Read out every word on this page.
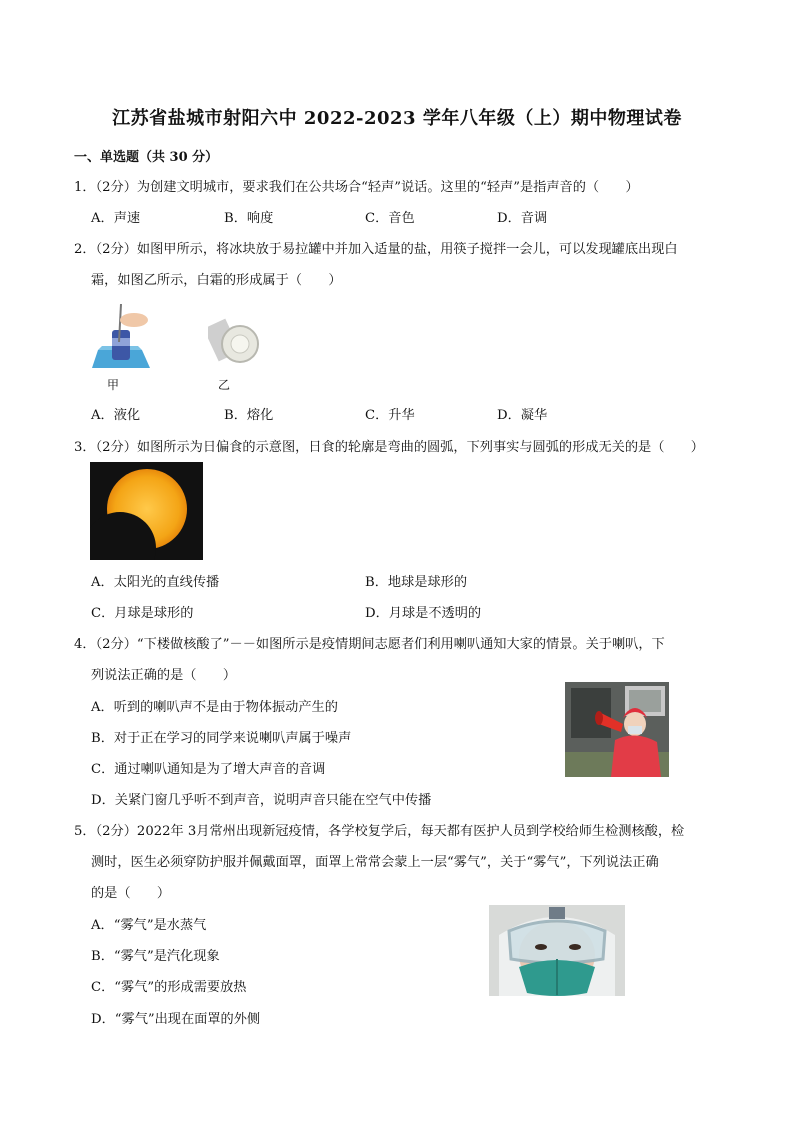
江苏省盐城市射阳六中 2022-2023 学年八年级（上）期中物理试卷
一、单选题（共 30 分）
1．（2分）为创建文明城市，要求我们在公共场合“轻声”说话。这里的“轻声”是指声音的（　　）
A．声速	B．响度	C．音色	D．音调
2．（2分）如图甲所示，将冰块放于易拉罐中并加入适量的盐，用筷子搅拌一会儿，可以发现罐底出现白
霜，如图乙所示，白霜的形成属于（　　）
甲	乙
A．液化	B．熔化	C．升华	D．凝华
3．（2分）如图所示为日偏食的示意图，日食的轮廓是弯曲的圆弧，下列事实与圆弧的形成无关的是（　　）
A．太阳光的直线传播	B．地球是球形的
C．月球是球形的	D．月球是不透明的
4．（2分）“下楼做核酸了”－－如图所示是疫情期间志愿者们利用喇叭通知大家的情景。关于喇叭，下
列说法正确的是（　　）
A．听到的喇叭声不是由于物体振动产生的
B．对于正在学习的同学来说喇叭声属于噪声
C．通过喇叭通知是为了增大声音的音调
D．关紧门窗几乎听不到声音，说明声音只能在空气中传播
5．（2分）2022年 3月常州出现新冠疫情，各学校复学后，每天都有医护人员到学校给师生检测核酸，检
测时，医生必须穿防护服并佩戴面罩，面罩上常常会蒙上一层“雾气”，关于“雾气”，下列说法正确
的是（　　）
A．“雾气”是水蒸气
B．“雾气”是汽化现象
C．“雾气”的形成需要放热
D．“雾气”出现在面罩的外侧
